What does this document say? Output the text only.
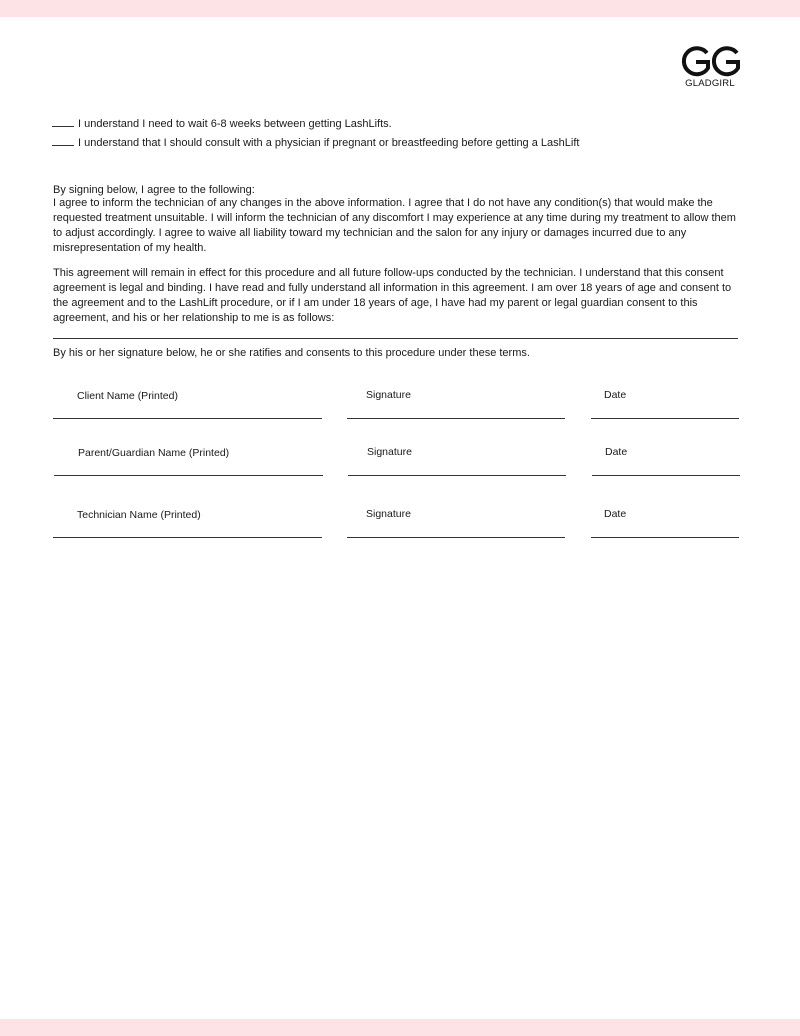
GLADGIRL
I understand I need to wait 6-8 weeks between getting LashLifts.
I understand that I should consult with a physician if pregnant or breastfeeding before getting a LashLift
By signing below, I agree to the following:
I agree to inform the technician of any changes in the above information. I agree that I do not have any condition(s) that would make the requested treatment unsuitable. I will inform the technician of any discomfort I may experience at any time during my treatment to allow them to adjust accordingly. I agree to waive all liability toward my technician and the salon for any injury or damages incurred due to any misrepresentation of my health.
This agreement will remain in effect for this procedure and all future follow-ups conducted by the technician. I understand that this consent agreement is legal and binding. I have read and fully understand all information in this agreement. I am over 18 years of age and consent to the agreement and to the LashLift procedure, or if I am under 18 years of age, I have had my parent or legal guardian consent to this agreement, and his or her relationship to me is as follows:
By his or her signature below, he or she ratifies and consents to this procedure under these terms.
Client Name (Printed)	Signature	Date
Parent/Guardian Name (Printed)	Signature	Date
Technician Name (Printed)	Signature	Date
